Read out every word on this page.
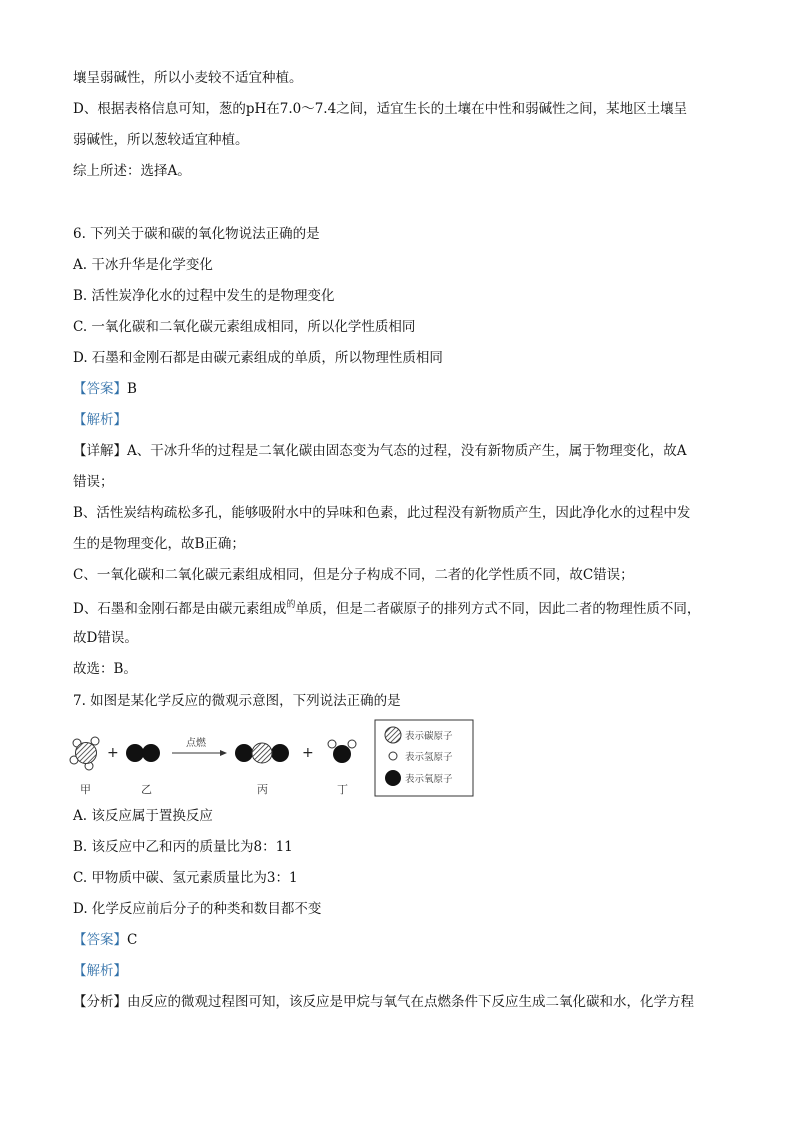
壤呈弱碱性，所以小麦较不适宜种植。
D、根据表格信息可知，葱的pH在7.0～7.4之间，适宜生长的土壤在中性和弱碱性之间，某地区土壤呈
弱碱性，所以葱较适宜种植。
综上所述：选择A。
6. 下列关于碳和碳的氧化物说法正确的是
A. 干冰升华是化学变化
B. 活性炭净化水的过程中发生的是物理变化
C. 一氧化碳和二氧化碳元素组成相同，所以化学性质相同
D. 石墨和金刚石都是由碳元素组成的单质，所以物理性质相同
【答案】B
【解析】
【详解】A、干冰升华的过程是二氧化碳由固态变为气态的过程，没有新物质产生，属于物理变化，故A
错误；
B、活性炭结构疏松多孔，能够吸附水中的异味和色素，此过程没有新物质产生，因此净化水的过程中发
生的是物理变化，故B正确；
C、一氧化碳和二氧化碳元素组成相同，但是分子构成不同，二者的化学性质不同，故C错误；
D、石墨和金刚石都是由碳元素组成$^的$单质，但是二者碳原子的排列方式不同，因此二者的物理性质不同，
故D错误。
故选：B。
7. 如图是某化学反应的微观示意图，下列说法正确的是
甲
+
乙
点燃
丙
+
丁
表示碳原子
表示氢原子
表示氧原子
A. 该反应属于置换反应
B. 该反应中乙和丙的质量比为8：11
C. 甲物质中碳、氢元素质量比为3：1
D. 化学反应前后分子的种类和数目都不变
【答案】C
【解析】
【分析】由反应的微观过程图可知，该反应是甲烷与氧气在点燃条件下反应生成二氧化碳和水，化学方程
